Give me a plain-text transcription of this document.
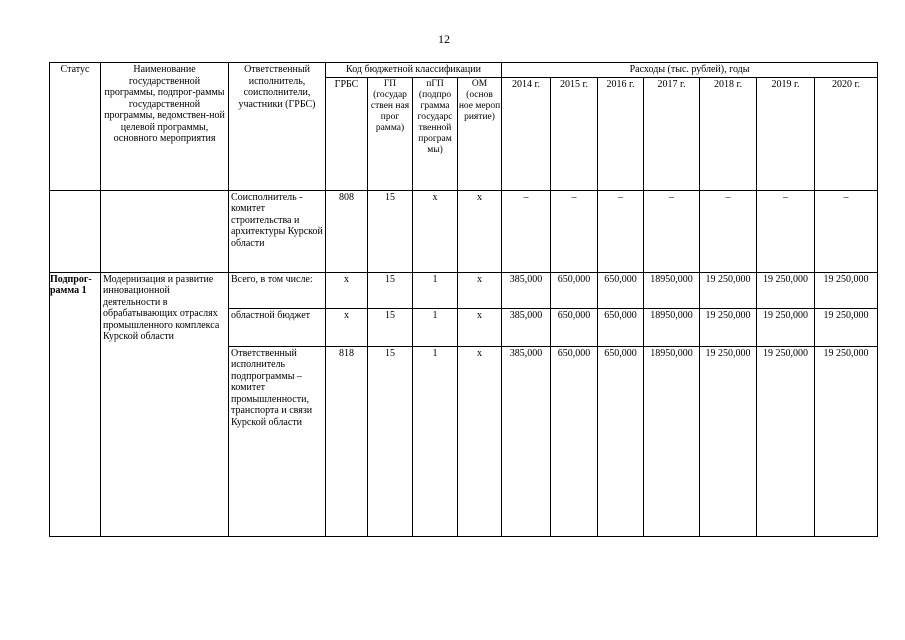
12
Статус	Наименование государственной программы, подпрог-раммы государственной программы, ведомствен-ной целевой программы, основного мероприятия	Ответственный исполнитель, соисполнители, участники (ГРБС)	Код бюджетной классификации				Расходы (тыс. рублей), годы						
			ГРБС	ГП (государ ствен ная прог рамма)	пГП (подпро грамма государс твенной програм мы)	ОМ (основ ное мероп риятие)	2014 г.	2015 г.	2016 г.	2017 г.	2018 г.	2019 г.	2020 г.
		Соисполнитель - комитет строительства и архитектуры Курской области	808	15	x	x	–	–	–	–	–	–	–
Подпрог-рамма 1	Модернизация и развитие инновационной деятельности в обрабатывающих отраслях промышленного комплекса Курской области	Всего, в том числе:	x	15	1	x	385,000	650,000	650,000	18950,000	19 250,000	19 250,000	19 250,000
		областной бюджет	x	15	1	x	385,000	650,000	650,000	18950,000	19 250,000	19 250,000	19 250,000
		Ответственный исполнитель подпрограммы – комитет промышленности, транспорта и связи Курской области	818	15	1	x	385,000	650,000	650,000	18950,000	19 250,000	19 250,000	19 250,000
